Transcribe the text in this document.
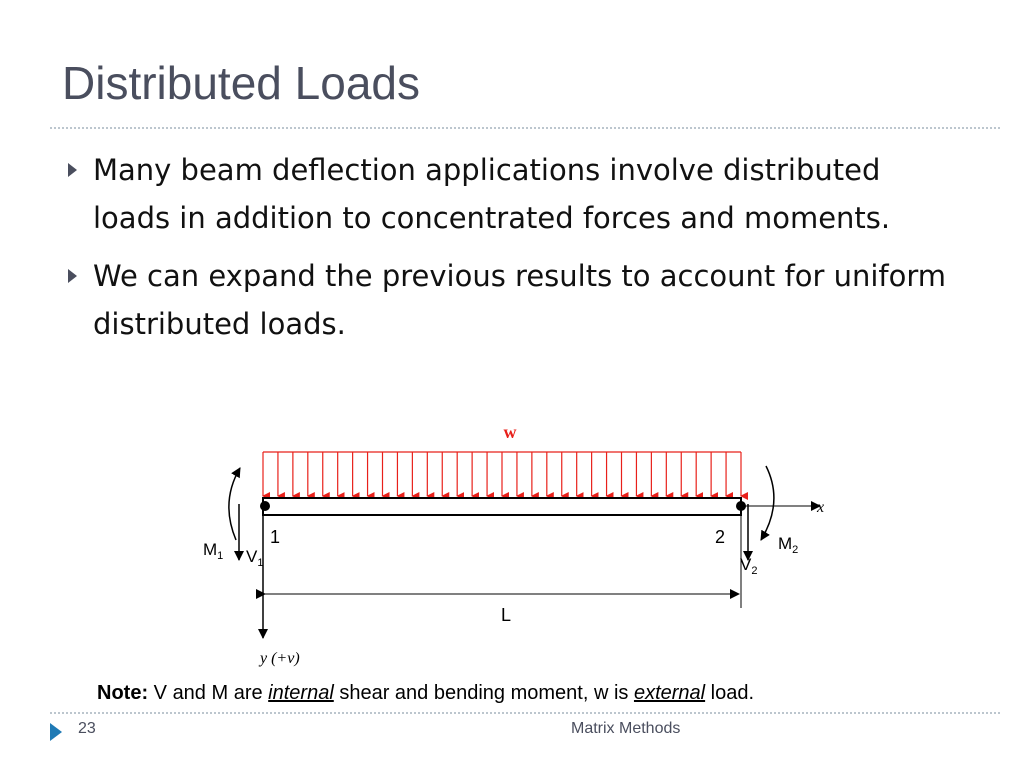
Distributed Loads
Many beam deflection applications involve distributed loads in addition to concentrated forces and moments.
We can expand the previous results to account for uniform distributed loads.
w
1	2
x
y (+v)
$M_1$ $V_1$
$M_2$
$V_2$
L
Note: V and M are internal shear and bending moment, w is external load.
23	Matrix Methods
